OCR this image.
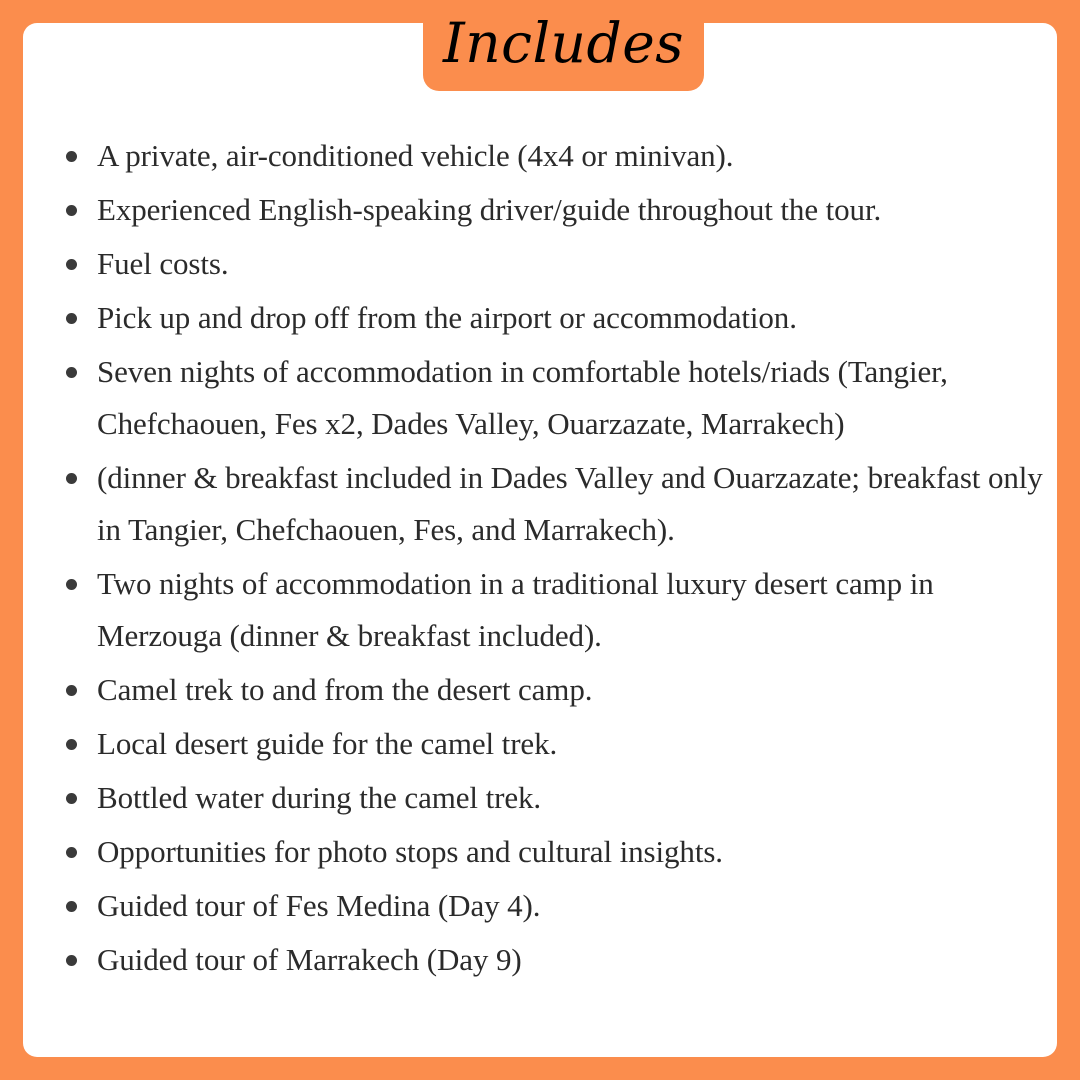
Includes
A private, air-conditioned vehicle (4x4 or minivan).
Experienced English-speaking driver/guide throughout the tour.
Fuel costs.
Pick up and drop off from the airport or accommodation.
Seven nights of accommodation in comfortable hotels/riads (Tangier, Chefchaouen, Fes x2, Dades Valley, Ouarzazate, Marrakech)
(dinner & breakfast included in Dades Valley and Ouarzazate; breakfast only in Tangier, Chefchaouen, Fes, and Marrakech).
Two nights of accommodation in a traditional luxury desert camp in Merzouga (dinner & breakfast included).
Camel trek to and from the desert camp.
Local desert guide for the camel trek.
Bottled water during the camel trek.
Opportunities for photo stops and cultural insights.
Guided tour of Fes Medina (Day 4).
Guided tour of Marrakech (Day 9)
